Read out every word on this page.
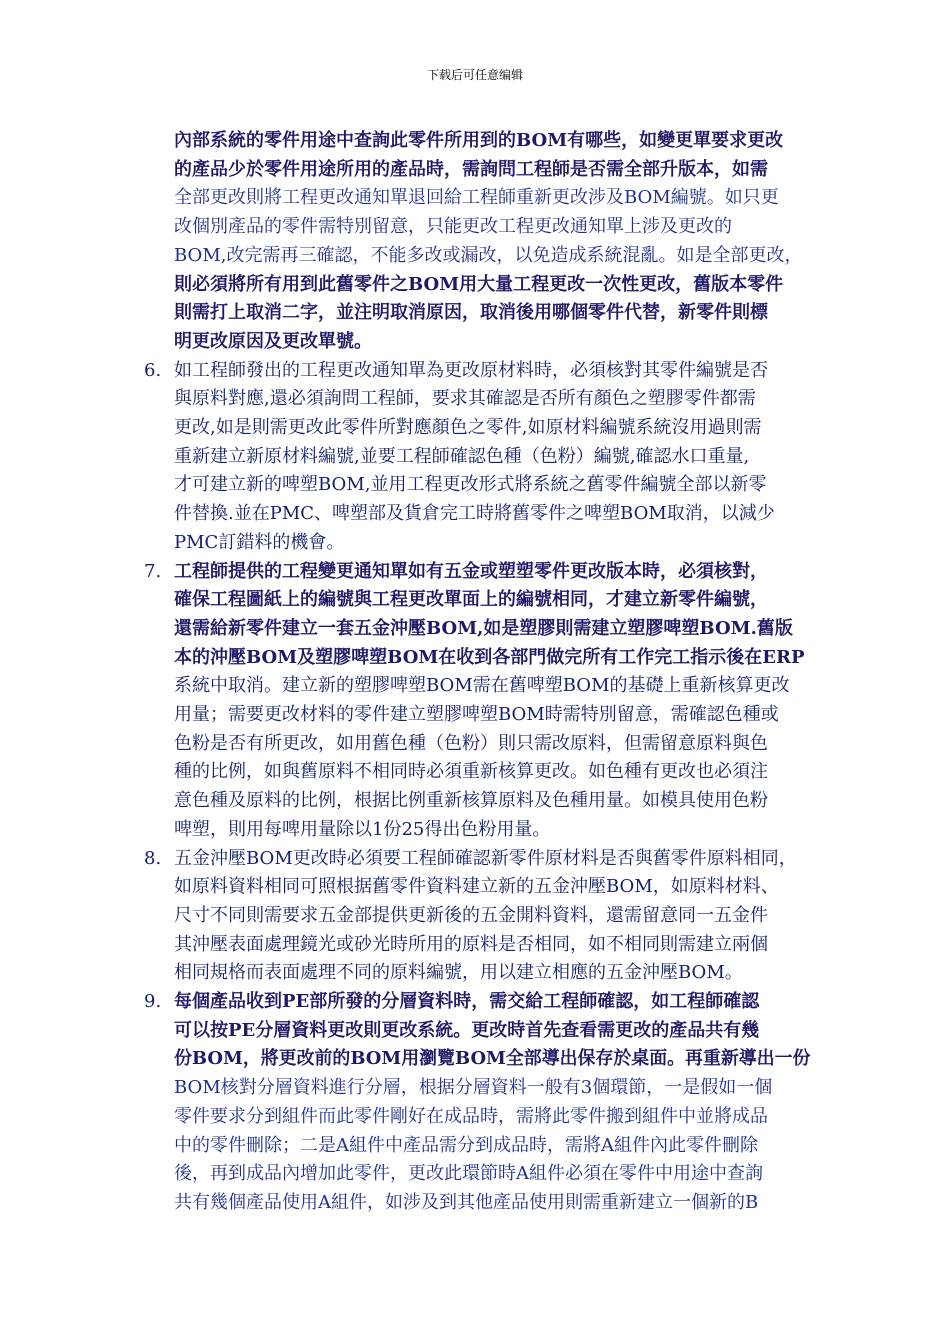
下载后可任意编辑
內部系統的零件用途中查詢此零件所用到的BOM有哪些，如變更單要求更改
的產品少於零件用途所用的產品時，需詢問工程師是否需全部升版本，如需
全部更改則將工程更改通知單退回給工程師重新更改涉及BOM編號。如只更
改個別產品的零件需特別留意，只能更改工程更改通知單上涉及更改的
BOM,改完需再三確認，不能多改或漏改，以免造成系統混亂。如是全部更改，
則必須將所有用到此舊零件之BOM用大量工程更改一次性更改，舊版本零件
則需打上取消二字，並注明取消原因，取消後用哪個零件代替，新零件則標
明更改原因及更改單號。
6. 如工程師發出的工程更改通知單為更改原材料時，必須核對其零件編號是否
與原料對應,還必須詢問工程師，要求其確認是否所有顏色之塑膠零件都需
更改,如是則需更改此零件所對應顏色之零件,如原材料編號系統沒用過則需
重新建立新原材料編號,並要工程師確認色種（色粉）編號,確認水口重量,
才可建立新的啤塑BOM,並用工程更改形式將系統之舊零件編號全部以新零
件替換.並在PMC、啤塑部及貨倉完工時將舊零件之啤塑BOM取消，以減少
PMC訂錯料的機會。
7. 工程師提供的工程變更通知單如有五金或塑塑零件更改版本時，必須核對，
確保工程圖紙上的編號與工程更改單面上的編號相同，才建立新零件編號，
還需給新零件建立一套五金沖壓BOM,如是塑膠則需建立塑膠啤塑BOM.舊版
本的沖壓BOM及塑膠啤塑BOM在收到各部門做完所有工作完工指示後在ERP
系統中取消。建立新的塑膠啤塑BOM需在舊啤塑BOM的基礎上重新核算更改
用量；需要更改材料的零件建立塑膠啤塑BOM時需特別留意，需確認色種或
色粉是否有所更改，如用舊色種（色粉）則只需改原料，但需留意原料與色
種的比例，如與舊原料不相同時必須重新核算更改。如色種有更改也必須注
意色種及原料的比例，根据比例重新核算原料及色種用量。如模具使用色粉
啤塑，則用每啤用量除以1份25得出色粉用量。
8. 五金沖壓BOM更改時必須要工程師確認新零件原材料是否與舊零件原料相同，
如原料資料相同可照根据舊零件資料建立新的五金沖壓BOM，如原料材料、
尺寸不同則需要求五金部提供更新後的五金開料資料，還需留意同一五金件
其沖壓表面處理鏡光或砂光時所用的原料是否相同，如不相同則需建立兩個
相同規格而表面處理不同的原料編號，用以建立相應的五金沖壓BOM。
9. 每個產品收到PE部所發的分層資料時，需交給工程師確認，如工程師確認
可以按PE分層資料更改則更改系統。更改時首先查看需更改的產品共有幾
份BOM，將更改前的BOM用瀏覽BOM全部導出保存於桌面。再重新導出一份
BOM核對分層資料進行分層，根据分層資料一般有3個環節，一是假如一個
零件要求分到組件而此零件剛好在成品時，需將此零件搬到組件中並將成品
中的零件刪除；二是A組件中產品需分到成品時，需將A組件內此零件刪除
後，再到成品內增加此零件，更改此環節時A組件必須在零件中用途中查詢
共有幾個產品使用A組件，如涉及到其他產品使用則需重新建立一個新的B
